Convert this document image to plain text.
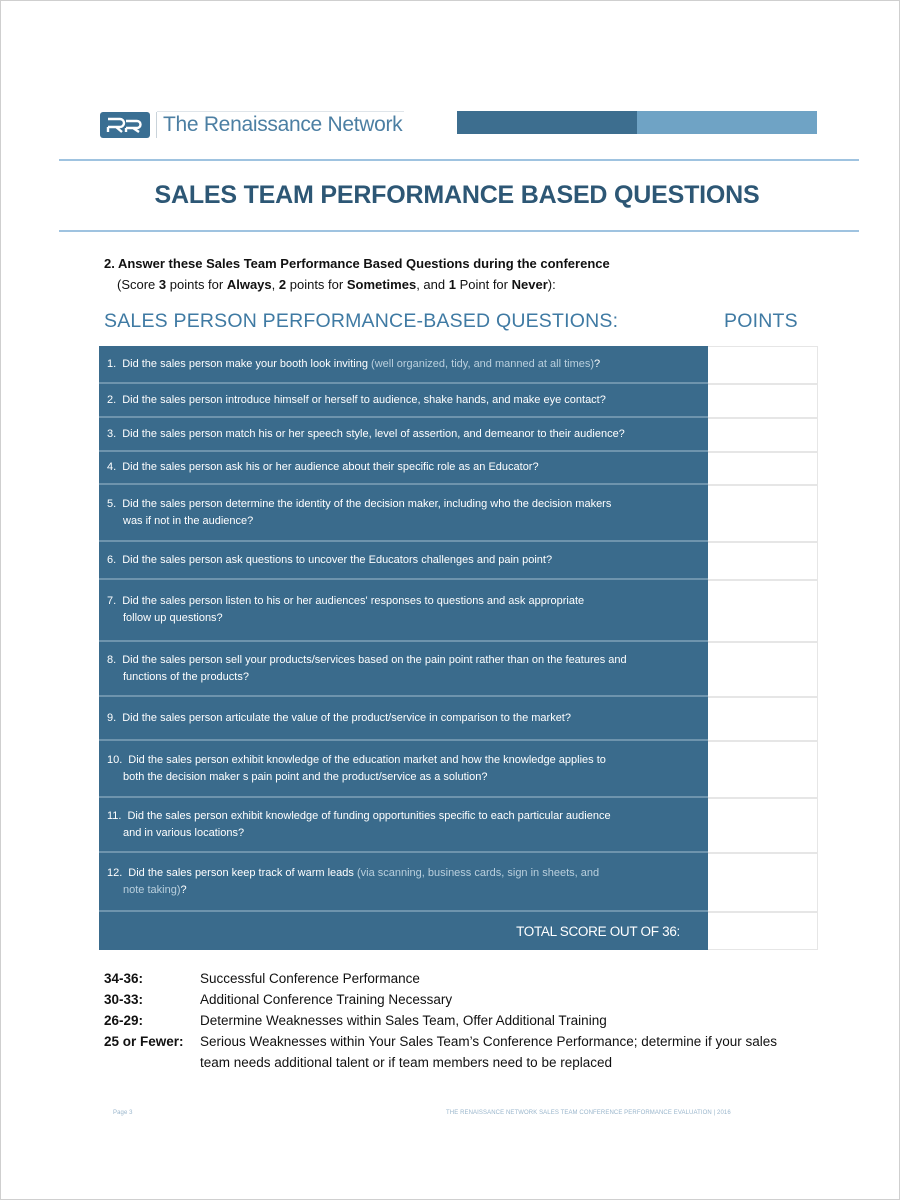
The Renaissance Network
SALES TEAM PERFORMANCE BASED QUESTIONS
2. Answer these Sales Team Performance Based Questions during the conference
(Score 3 points for Always, 2 points for Sometimes, and 1 Point for Never):
SALES PERSON PERFORMANCE-BASED QUESTIONS:	POINTS
1. Did the sales person make your booth look inviting (well organized, tidy, and manned at all times)?
2. Did the sales person introduce himself or herself to audience, shake hands, and make eye contact?
3. Did the sales person match his or her speech style, level of assertion, and demeanor to their audience?
4. Did the sales person ask his or her audience about their specific role as an Educator?
5. Did the sales person determine the identity of the decision maker, including who the decision makers
was if not in the audience?
6. Did the sales person ask questions to uncover the Educators challenges and pain point?
7. Did the sales person listen to his or her audiences' responses to questions and ask appropriate
follow up questions?
8. Did the sales person sell your products/services based on the pain point rather than on the features and
functions of the products?
9. Did the sales person articulate the value of the product/service in comparison to the market?
10. Did the sales person exhibit knowledge of the education market and how the knowledge applies to
both the decision maker s pain point and the product/service as a solution?
11. Did the sales person exhibit knowledge of funding opportunities specific to each particular audience
and in various locations?
12. Did the sales person keep track of warm leads (via scanning, business cards, sign in sheets, and
note taking)?
TOTAL SCORE OUT OF 36:
34-36:	Successful Conference Performance
30-33:	Additional Conference Training Necessary
26-29:	Determine Weaknesses within Sales Team, Offer Additional Training
25 or Fewer:	Serious Weaknesses within Your Sales Team’s Conference Performance; determine if your sales team needs additional talent or if team members need to be replaced
Page 3	THE RENAISSANCE NETWORK SALES TEAM CONFERENCE PERFORMANCE EVALUATION | 2016
